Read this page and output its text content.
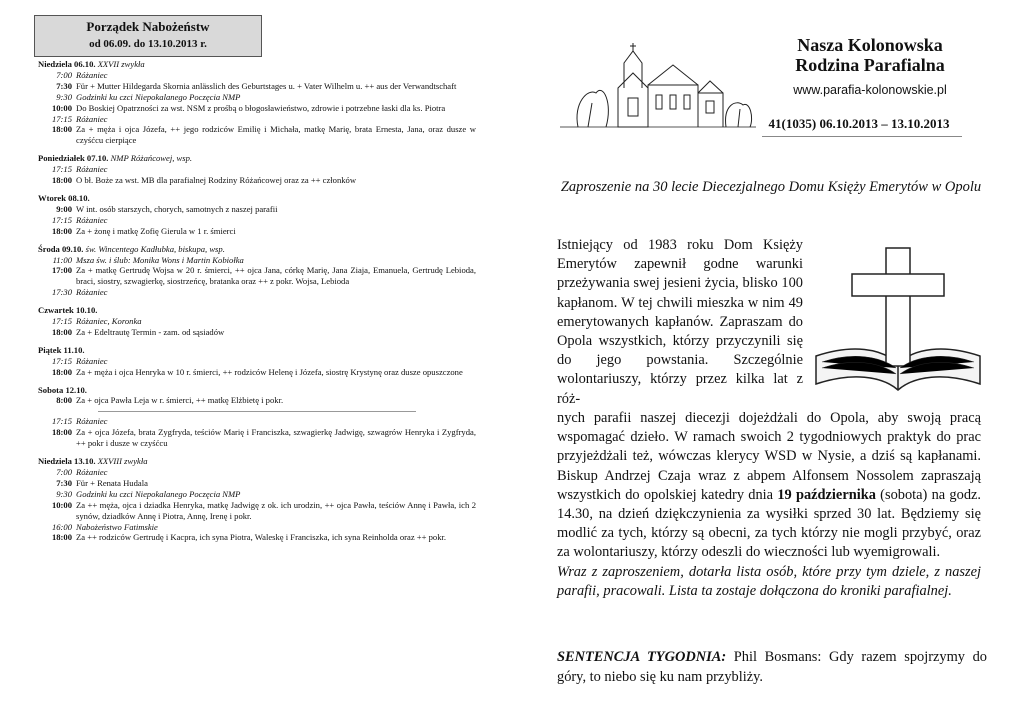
Porządek Nabożeństw
od 06.09. do 13.10.2013 r.
Niedziela 06.10. XXVII zwykła
7:00 Różaniec
7:30 Für + Mutter Hildegarda Skornia anlässlich des Geburtstages u. + Vater Wilhelm u. ++ aus der Verwandtschaft
9:30 Godzinki ku czci Niepokalanego Poczęcia NMP
10:00 Do Boskiej Opatrzności za wst. NSM z prośbą o błogosławieństwo, zdrowie i potrzebne łaski dla ks. Piotra
17:15 Różaniec
18:00 Za + męża i ojca Józefa, ++ jego rodziców Emilię i Michała, matkę Marię, brata Ernesta, Jana, oraz dusze w czyśćcu cierpiące
Poniedziałek 07.10. NMP Różańcowej, wsp.
17:15 Różaniec
18:00 O bł. Boże za wst. MB dla parafialnej Rodziny Różańcowej oraz za ++ członków
Wtorek 08.10.
9:00 W int. osób starszych, chorych, samotnych z naszej parafii
17:15 Różaniec
18:00 Za + żonę i matkę Zofię Gierula w 1 r. śmierci
Środa 09.10. św. Wincentego Kadłubka, biskupa, wsp.
11:00 Msza św. i ślub: Monika Wons i Martin Kobiołka
17:00 Za + matkę Gertrudę Wojsa w 20 r. śmierci, ++ ojca Jana, córkę Marię, Jana Ziaja, Emanuela, Gertrudę Lebioda, braci, siostry, szwagierkę, siostrzeńcę, bratanka oraz ++ z pokr. Wojsa, Lebioda
17:30 Różaniec
Czwartek 10.10.
17:15 Różaniec, Koronka
18:00 Za + Edeltrautę Termin - zam. od sąsiadów
Piątek 11.10.
17:15 Różaniec
18:00 Za + męża i ojca Henryka w 10 r. śmierci, ++ rodziców Helenę i Józefa, siostrę Krystynę oraz dusze opuszczone
Sobota 12.10.
8:00 Za + ojca Pawła Leja w r. śmierci, ++ matkę Elżbietę i pokr.
17:15 Różaniec
18:00 Za + ojca Józefa, brata Zygfryda, teściów Marię i Franciszka, szwagierkę Jadwigę, szwagrów Henryka i Zygfryda, ++ pokr i dusze w czyśćcu
Niedziela 13.10. XXVIII zwykła
7:00 Różaniec
7:30 Für + Renata Hudala
9:30 Godzinki ku czci Niepokalanego Poczęcia NMP
10:00 Za ++ męża, ojca i dziadka Henryka, matkę Jadwigę z ok. ich urodzin, ++ ojca Pawła, teściów Annę i Pawła, ich 2 synów, dziadków Annę i Piotra, Annę, Irenę i pokr.
16:00 Nabożeństwo Fatimskie
18:00 Za ++ rodziców Gertrudę i Kacpra, ich syna Piotra, Waleskę i Franciszka, ich syna Reinholda oraz ++ pokr.
Nasza Kolonowska
Rodzina Parafialna
www.parafia-kolonowskie.pl
41(1035) 06.10.2013 – 13.10.2013
Zaproszenie na 30 lecie Diecezjalnego Domu Księży Emerytów w Opolu
Istniejący od 1983 roku Dom Księży Emerytów zapewnił godne warunki przeżywania swej jesieni życia, blisko 100 kapłanom. W tej chwili mieszka w nim 49 emerytowanych kapłanów. Zapraszam do Opola wszystkich, którzy przyczynili się do jego powstania. Szczególnie wolontariuszy, którzy przez kilka lat z róż-
nych parafii naszej diecezji dojeżdżali do Opola, aby swoją pracą wspomagać dzieło. W ramach swoich 2 tygodniowych praktyk do prac przyjeżdżali też, wówczas klerycy WSD w Nysie, a dziś są kapłanami. Biskup Andrzej Czaja wraz z abpem Alfonsem Nossolem zapraszają wszystkich do opolskiej katedry dnia 19 października (sobota) na godz. 14.30, na dzień dziękczynienia za wysiłki sprzed 30 lat. Będziemy się modlić za tych, którzy są obecni, za tych którzy nie mogli przybyć, oraz za wolontariuszy, którzy odeszli do wieczności lub wyemigrowali.
Wraz z zaproszeniem, dotarła lista osób, które przy tym dziele, z naszej parafii, pracowali. Lista ta zostaje dołączona do kroniki parafialnej.
SENTENCJA TYGODNIA: Phil Bosmans: Gdy razem spojrzymy do góry, to niebo się ku nam przybliży.
